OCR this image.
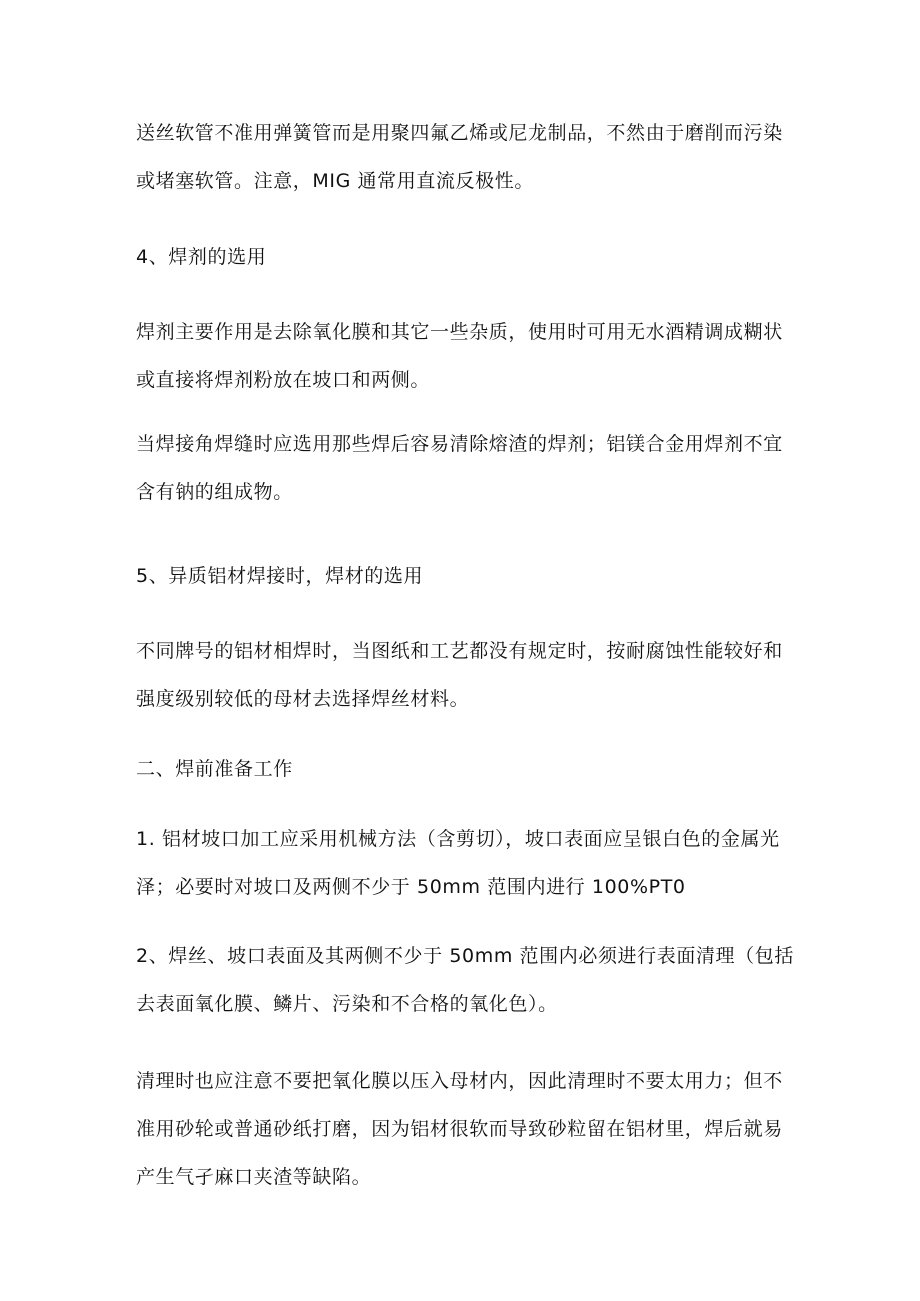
送丝软管不准用弹簧管而是用聚四氟乙烯或尼龙制品，不然由于磨削而污染
或堵塞软管。注意，MIG 通常用直流反极性。

4、焊剂的选用

焊剂主要作用是去除氧化膜和其它一些杂质，使用时可用无水酒精调成糊状
或直接将焊剂粉放在坡口和两侧。

当焊接角焊缝时应选用那些焊后容易清除熔渣的焊剂；铝镁合金用焊剂不宜
含有钠的组成物。

5、异质铝材焊接时，焊材的选用

不同牌号的铝材相焊时，当图纸和工艺都没有规定时，按耐腐蚀性能较好和
强度级别较低的母材去选择焊丝材料。

二、焊前准备工作

1. 铝材坡口加工应采用机械方法（含剪切），坡口表面应呈银白色的金属光
泽；必要时对坡口及两侧不少于 50mm 范围内进行 100%PT0

2、焊丝、坡口表面及其两侧不少于 50mm 范围内必须进行表面清理（包括
去表面氧化膜、鳞片、污染和不合格的氧化色）。

清理时也应注意不要把氧化膜以压入母材内，因此清理时不要太用力；但不
准用砂轮或普通砂纸打磨，因为铝材很软而导致砂粒留在铝材里，焊后就易
产生气孑麻口夹渣等缺陷。
